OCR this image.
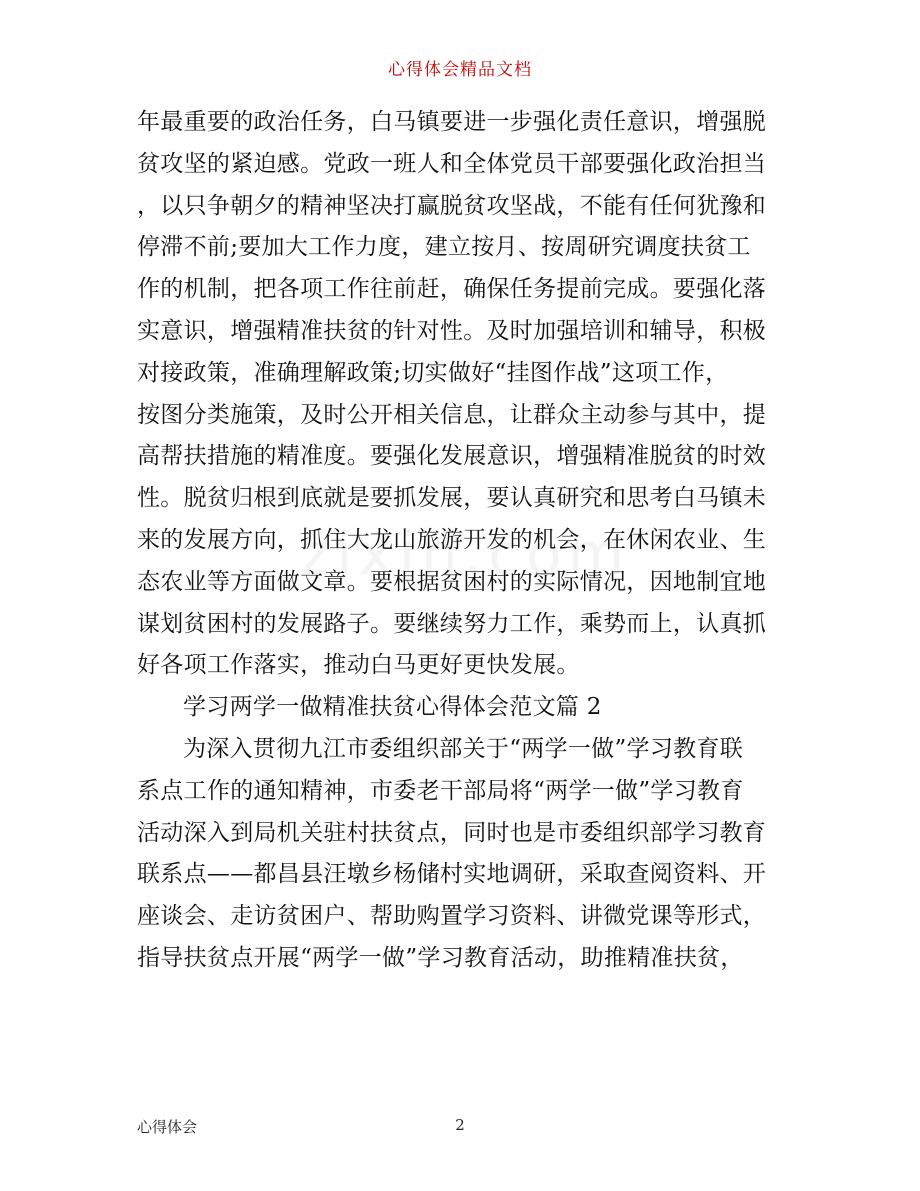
心得体会精品文档
年最重要的政治任务，白马镇要进一步强化责任意识，增强脱
贫攻坚的紧迫感。党政一班人和全体党员干部要强化政治担当
，以只争朝夕的精神坚决打赢脱贫攻坚战，不能有任何犹豫和
停滞不前;要加大工作力度，建立按月、按周研究调度扶贫工
作的机制，把各项工作往前赶，确保任务提前完成。要强化落
实意识，增强精准扶贫的针对性。及时加强培训和辅导，积极
对接政策，准确理解政策;切实做好“挂图作战”这项工作，
按图分类施策，及时公开相关信息，让群众主动参与其中，提
高帮扶措施的精准度。要强化发展意识，增强精准脱贫的时效
性。脱贫归根到底就是要抓发展，要认真研究和思考白马镇未
来的发展方向，抓住大龙山旅游开发的机会，在休闲农业、生
态农业等方面做文章。要根据贫困村的实际情况，因地制宜地
谋划贫困村的发展路子。要继续努力工作，乘势而上，认真抓
好各项工作落实，推动白马更好更快发展。
学习两学一做精准扶贫心得体会范文篇 2
为深入贯彻九江市委组织部关于“两学一做”学习教育联
系点工作的通知精神，市委老干部局将“两学一做”学习教育
活动深入到局机关驻村扶贫点，同时也是市委组织部学习教育
联系点——都昌县汪墩乡杨储村实地调研，采取查阅资料、开
座谈会、走访贫困户、帮助购置学习资料、讲微党课等形式，
指导扶贫点开展“两学一做”学习教育活动，助推精准扶贫，
心得体会	2
